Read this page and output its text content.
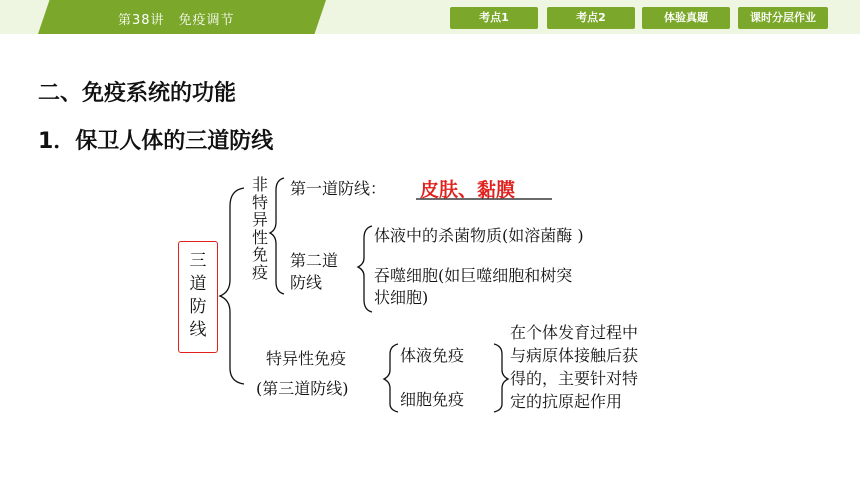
第38讲　免疫调节	考点1	考点2	体验真题	课时分层作业
二、免疫系统的功能
1．保卫人体的三道防线
三道防线
非特异性免疫
第一道防线： 皮肤、黏膜
第二道
防线
体液中的杀菌物质(如溶菌酶 )
吞噬细胞(如巨噬细胞和树突
状细胞)
特异性免疫
(第三道防线)
体液免疫
细胞免疫
在个体发育过程中
与病原体接触后获
得的，主要针对特
定的抗原起作用
